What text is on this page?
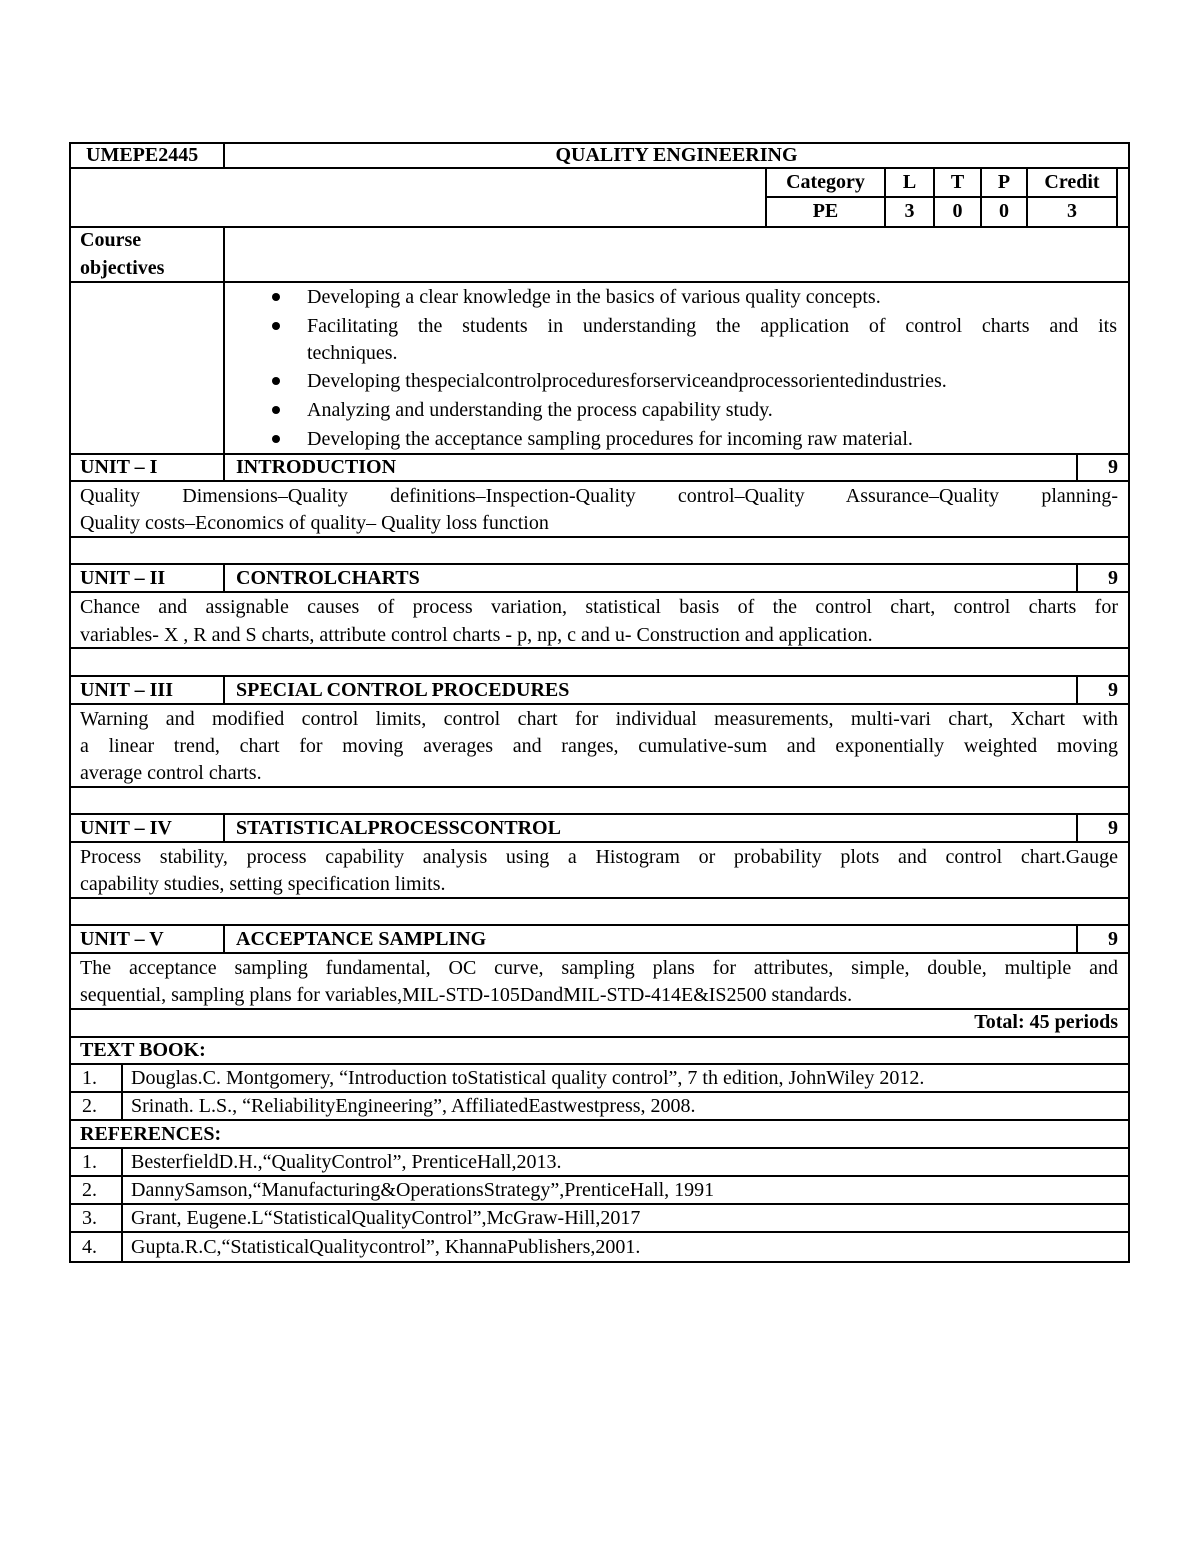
UMEPE2445	QUALITY ENGINEERING
Category	L	T	P	Credit
PE	3	0	0	3
Course
objectives
Developing a clear knowledge in the basics of various quality concepts.
Facilitating the students in understanding the application of control charts and its
techniques.
Developing thespecialcontrolproceduresforserviceandprocessorientedindustries.
Analyzing and understanding the process capability study.
Developing the acceptance sampling procedures for incoming raw material.
UNIT – I	INTRODUCTION	9
Quality Dimensions–Quality definitions–Inspection-Quality control–Quality Assurance–Quality planning-
Quality costs–Economics of quality– Quality loss function
UNIT – II	CONTROLCHARTS	9
Chance and assignable causes of process variation, statistical basis of the control chart, control charts for
variables- X , R and S charts, attribute control charts - p, np, c and u- Construction and application.
UNIT – III	SPECIAL CONTROL PROCEDURES	9
Warning and modified control limits, control chart for individual measurements, multi-vari chart, Xchart with
a linear trend, chart for moving averages and ranges, cumulative-sum and exponentially weighted moving
average control charts.
UNIT – IV	STATISTICALPROCESSCONTROL	9
Process stability, process capability analysis using a Histogram or probability plots and control chart.Gauge
capability studies, setting specification limits.
UNIT – V	ACCEPTANCE SAMPLING	9
The acceptance sampling fundamental, OC curve, sampling plans for attributes, simple, double, multiple and
sequential, sampling plans for variables,MIL-STD-105DandMIL-STD-414E&IS2500 standards.
Total: 45 periods
TEXT BOOK:
1. Douglas.C. Montgomery, “Introduction toStatistical quality control”, 7 th edition, JohnWiley 2012.
2. Srinath. L.S., “ReliabilityEngineering”, AffiliatedEastwestpress, 2008.
REFERENCES:
1. BesterfieldD.H.,“QualityControl”, PrenticeHall,2013.
2. DannySamson,“Manufacturing&OperationsStrategy”,PrenticeHall, 1991
3. Grant, Eugene.L“StatisticalQualityControl”,McGraw-Hill,2017
4. Gupta.R.C,“StatisticalQualitycontrol”, KhannaPublishers,2001.
